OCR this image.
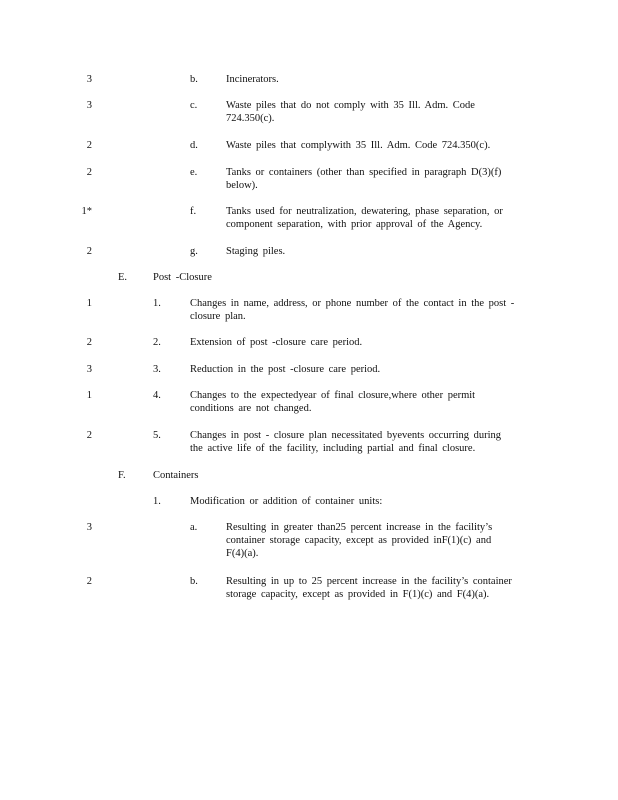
3	b.	Incinerators.
3	c.	Waste piles that do not comply with 35 Ill. Adm. Code
724.350(c).
2	d.	Waste piles that complywith 35 Ill. Adm. Code 724.350(c).
2	e.	Tanks or containers (other than specified in paragraph D(3)(f)
below).
1*	f.	Tanks used for neutralization, dewatering, phase separation, or
component separation, with prior approval of the Agency.
2	g.	Staging piles.
E. Post -Closure
1	1.	Changes in name, address, or phone number of the contact in the post -
closure plan.
2	2.	Extension of post -closure care period.
3	3.	Reduction in the post -closure care period.
1	4.	Changes to the expectedyear of final closure,where other permit
conditions are not changed.
2	5.	Changes in post - closure plan necessitated byevents occurring during
the active life of the facility, including partial and final closure.
F.	Containers
1.	Modification or addition of container units:
3	a.	Resulting in greater than25 percent increase in the facility’s
container storage capacity, except as provided inF(1)(c) and
F(4)(a).
2	b.	Resulting in up to 25 percent increase in the facility’s container
storage capacity, except as provided in F(1)(c) and F(4)(a).
